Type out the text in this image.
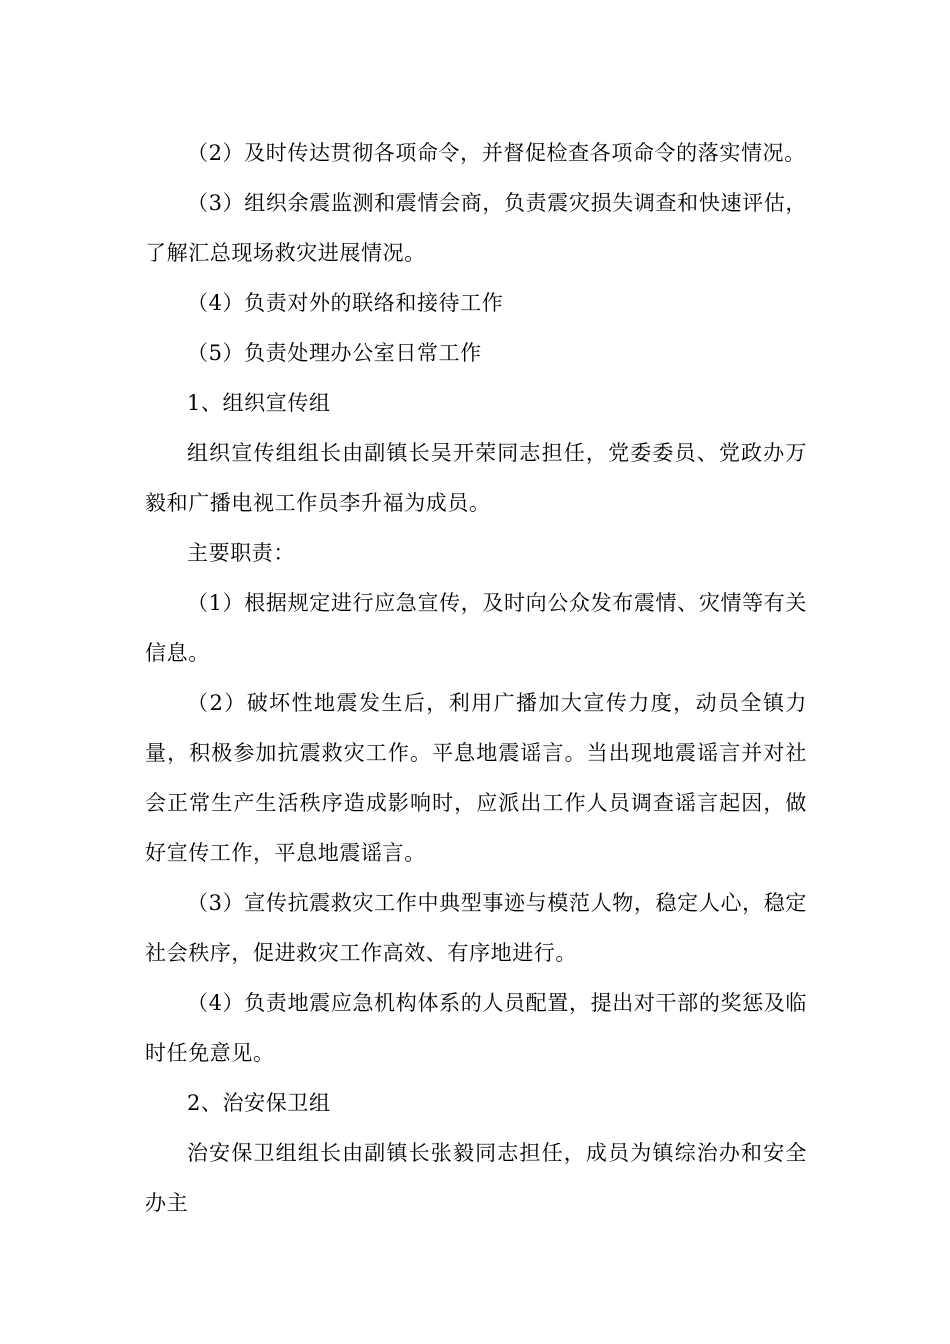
（2）及时传达贯彻各项命令，并督促检查各项命令的落实情况。

（3）组织余震监测和震情会商，负责震灾损失调查和快速评估，了解汇总现场救灾进展情况。

（4）负责对外的联络和接待工作

（5）负责处理办公室日常工作

1、组织宣传组

组织宣传组组长由副镇长吴开荣同志担任，党委委员、党政办万毅和广播电视工作员李升福为成员。

主要职责：

（1）根据规定进行应急宣传，及时向公众发布震情、灾情等有关信息。

（2）破坏性地震发生后，利用广播加大宣传力度，动员全镇力量，积极参加抗震救灾工作。平息地震谣言。当出现地震谣言并对社会正常生产生活秩序造成影响时，应派出工作人员调查谣言起因，做好宣传工作，平息地震谣言。

（3）宣传抗震救灾工作中典型事迹与模范人物，稳定人心，稳定社会秩序，促进救灾工作高效、有序地进行。

（4）负责地震应急机构体系的人员配置，提出对干部的奖惩及临时任免意见。

2、治安保卫组

治安保卫组组长由副镇长张毅同志担任，成员为镇综治办和安全办主
